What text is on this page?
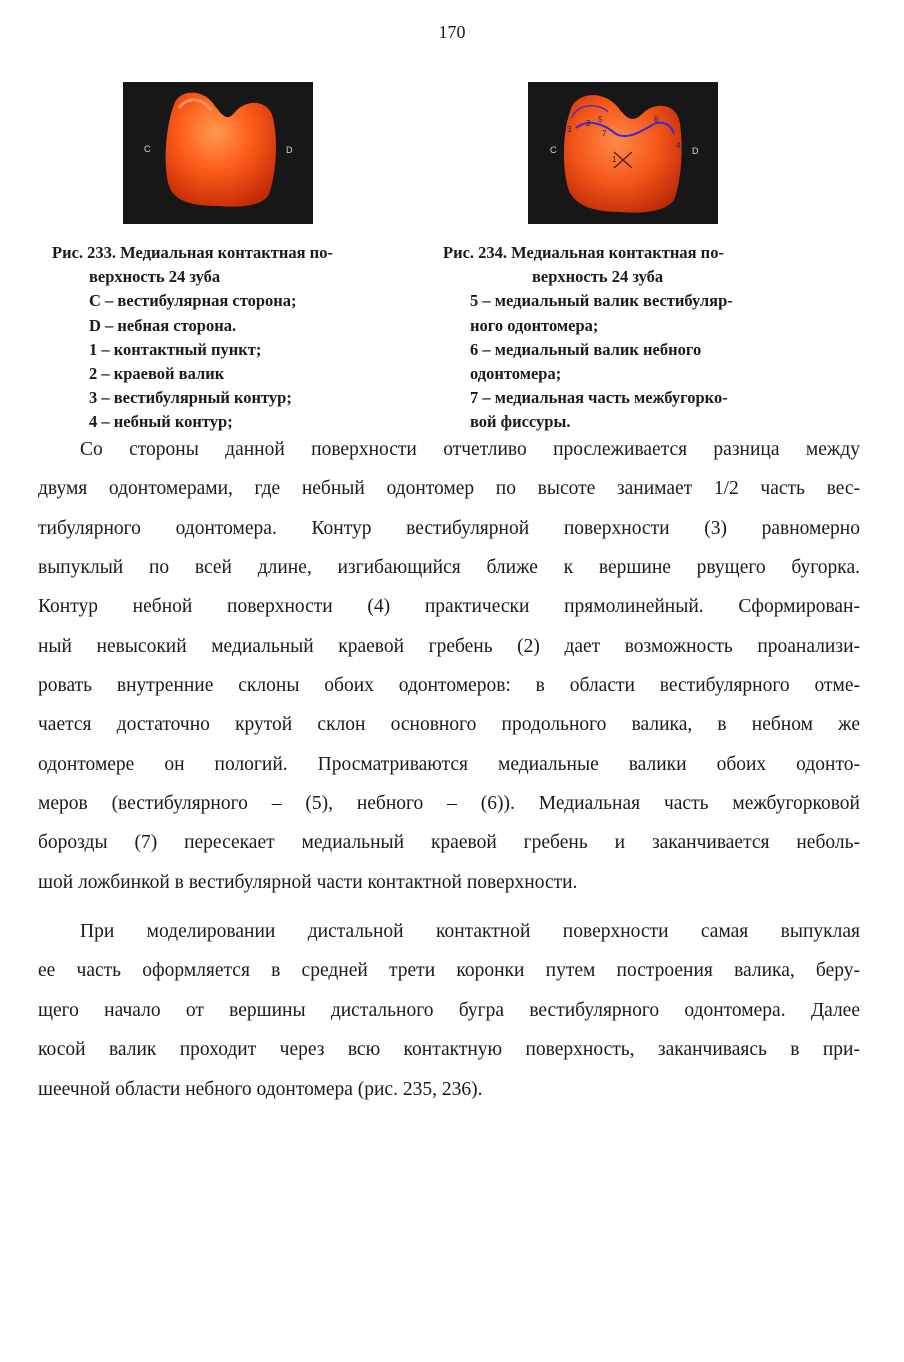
170
C	D	C	D
1
2
3
4
5	6
7
Рис. 233. Медиальная контактная по-
верхность 24 зуба
C – вестибулярная сторона;
D – небная сторона.
1 – контактный пункт;
2 – краевой валик
3 – вестибулярный контур;
4 – небный контур;
Рис. 234. Медиальная контактная по-
верхность 24 зуба
5 – медиальный валик вестибуляр-
ного одонтомера;
6 – медиальный валик небного
одонтомера;
7 – медиальная часть межбугорко-
вой фиссуры.
Со стороны данной поверхности отчетливо прослеживается разница между
двумя одонтомерами, где небный одонтомер по высоте занимает 1/2 часть вес-
тибулярного одонтомера. Контур вестибулярной поверхности (3) равномерно
выпуклый по всей длине, изгибающийся ближе к вершине рвущего бугорка.
Контур небной поверхности (4) практически прямолинейный. Сформирован-
ный невысокий медиальный краевой гребень (2) дает возможность проанализи-
ровать внутренние склоны обоих одонтомеров: в области вестибулярного отме-
чается достаточно крутой склон основного продольного валика, в небном же
одонтомере он пологий. Просматриваются медиальные валики обоих одонто-
меров (вестибулярного – (5), небного – (6)). Медиальная часть межбугорковой
борозды (7) пересекает медиальный краевой гребень и заканчивается неболь-
шой ложбинкой в вестибулярной части контактной поверхности.
При моделировании дистальной контактной поверхности самая выпуклая
ее часть оформляется в средней трети коронки путем построения валика, беру-
щего начало от вершины дистального бугра вестибулярного одонтомера. Далее
косой валик проходит через всю контактную поверхность, заканчиваясь в при-
шеечной области небного одонтомера (рис. 235, 236).
